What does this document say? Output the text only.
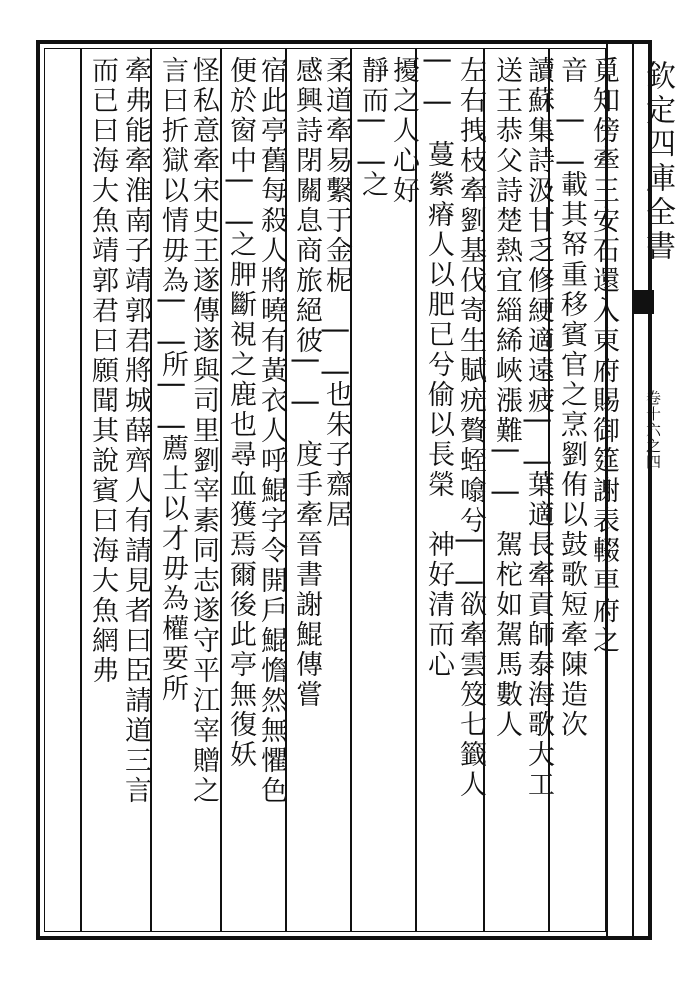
欽定四庫全書
卷十六之四
覓知傍牽王安石還入東府賜御筵謝表輟車府之
音　|　|載其帑重移賓官之烹劉侑以鼓歌短牽陳造次
讀蘇集詩汲甘乏修綆適遠疲|　|葉適長牽貢師泰海歌大工
送王恭父詩楚熱宜緇絺峽漲難|　|　駕柁如駕馬數人
左右拽枝牽劉基伐寄生賦疣贅蛭噏兮|　|欲牽雲笈七籤人
|　|　蔓縈瘠人以肥已兮偷以長榮　神好清而心
擾之人心好
靜而|　|之
柔道牽易繫于金柅　|　|也朱子齋居
感興詩閉關息商旅絕彼|　|　度手牽晉書謝鯤傳嘗
宿此亭舊每殺人將曉有黃衣人呼鯤字令開戶鯤憺然無懼色
便於窗中|　|之胛斷視之鹿也尋血獲焉爾後此亭無復妖
怪私意牽宋史王遂傳遂與司里劉宰素同志遂守平江宰贈之
言曰折獄以情毋為|　|所|　|薦士以才毋為權要所
牽弗能牽淮南子靖郭君將城薛齊人有請見者曰臣請道三言
而已曰海大魚靖郭君曰願聞其說賓曰海大魚網弗
